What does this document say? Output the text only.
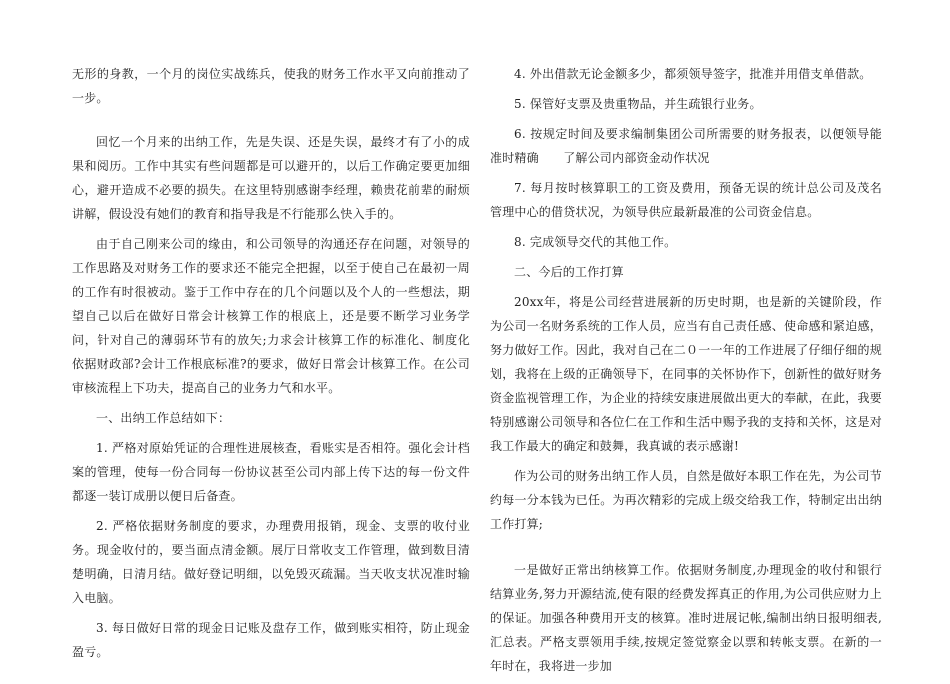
无形的身教，一个月的岗位实战练兵，使我的财务工作水平又向前推动了一步。

回忆一个月来的出纳工作，先是失误、还是失误，最终才有了小的成果和阅历。工作中其实有些问题都是可以避开的，以后工作确定要更加细心，避开造成不必要的损失。在这里特别感谢李经理，赖贵花前辈的耐烦讲解，假设没有她们的教育和指导我是不行能那么快入手的。

由于自己刚来公司的缘由，和公司领导的沟通还存在问题，对领导的工作思路及对财务工作的要求还不能完全把握，以至于使自己在最初一周的工作有时很被动。鉴于工作中存在的几个问题以及个人的一些想法，期望自己以后在做好日常会计核算工作的根底上，还是要不断学习业务学问，针对自己的薄弱环节有的放矢;力求会计核算工作的标准化、制度化 依据财政部?会计工作根底标准?的要求，做好日常会计核算工作。在公司审核流程上下功夫，提高自己的业务力气和水平。

一、出纳工作总结如下：

1. 严格对原始凭证的合理性进展核查，看账实是否相符。强化会计档案的管理，使每一份合同每一份协议甚至公司内部上传下达的每一份文件都逐一装订成册以便日后备查。

2. 严格依据财务制度的要求，办理费用报销，现金、支票的收付业务。现金收付的，要当面点清金额。展厅日常收支工作管理，做到数目清楚明确，日清月结。做好登记明细，以免毁灭疏漏。当天收支状况准时输入电脑。

3. 每日做好日常的现金日记账及盘存工作，做到账实相符，防止现金盈亏。

4. 外出借款无论金额多少，都须领导签字，批准并用借支单借款。

5. 保管好支票及贵重物品，并生疏银行业务。

6. 按规定时间及要求编制集团公司所需要的财务报表，以便领导能准时精确　　了解公司内部资金动作状况

7. 每月按时核算职工的工资及费用，预备无误的统计总公司及茂名管理中心的借贷状况，为领导供应最新最准的公司资金信息。

8. 完成领导交代的其他工作。

二、今后的工作打算

20xx年，将是公司经营进展新的历史时期，也是新的关键阶段，作为公司一名财务系统的工作人员，应当有自己责任感、使命感和紧迫感，努力做好工作。因此，我对自己在二０一一年的工作进展了仔细仔细的规划，我将在上级的正确领导下，在同事的关怀协作下，创新性的做好财务资金监视管理工作，为企业的持续安康进展做出更大的奉献，在此，我要特别感谢公司领导和各位仁在工作和生活中赐予我的支持和关怀，这是对我工作最大的确定和鼓舞，我真诚的表示感谢!

作为公司的财务出纳工作人员，自然是做好本职工作在先，为公司节约每一分本钱为已任。为再次精彩的完成上级交给我工作，特制定出出纳工作打算;

一是做好正常出纳核算工作。依据财务制度,办理现金的收付和银行结算业务,努力开源结流,使有限的经费发挥真正的作用,为公司供应财力上的保证。加强各种费用开支的核算。准时进展记帐,编制出纳日报明细表,汇总表。严格支票领用手续,按规定签觉察金以票和转帐支票。在新的一年时在，我将进一步加
